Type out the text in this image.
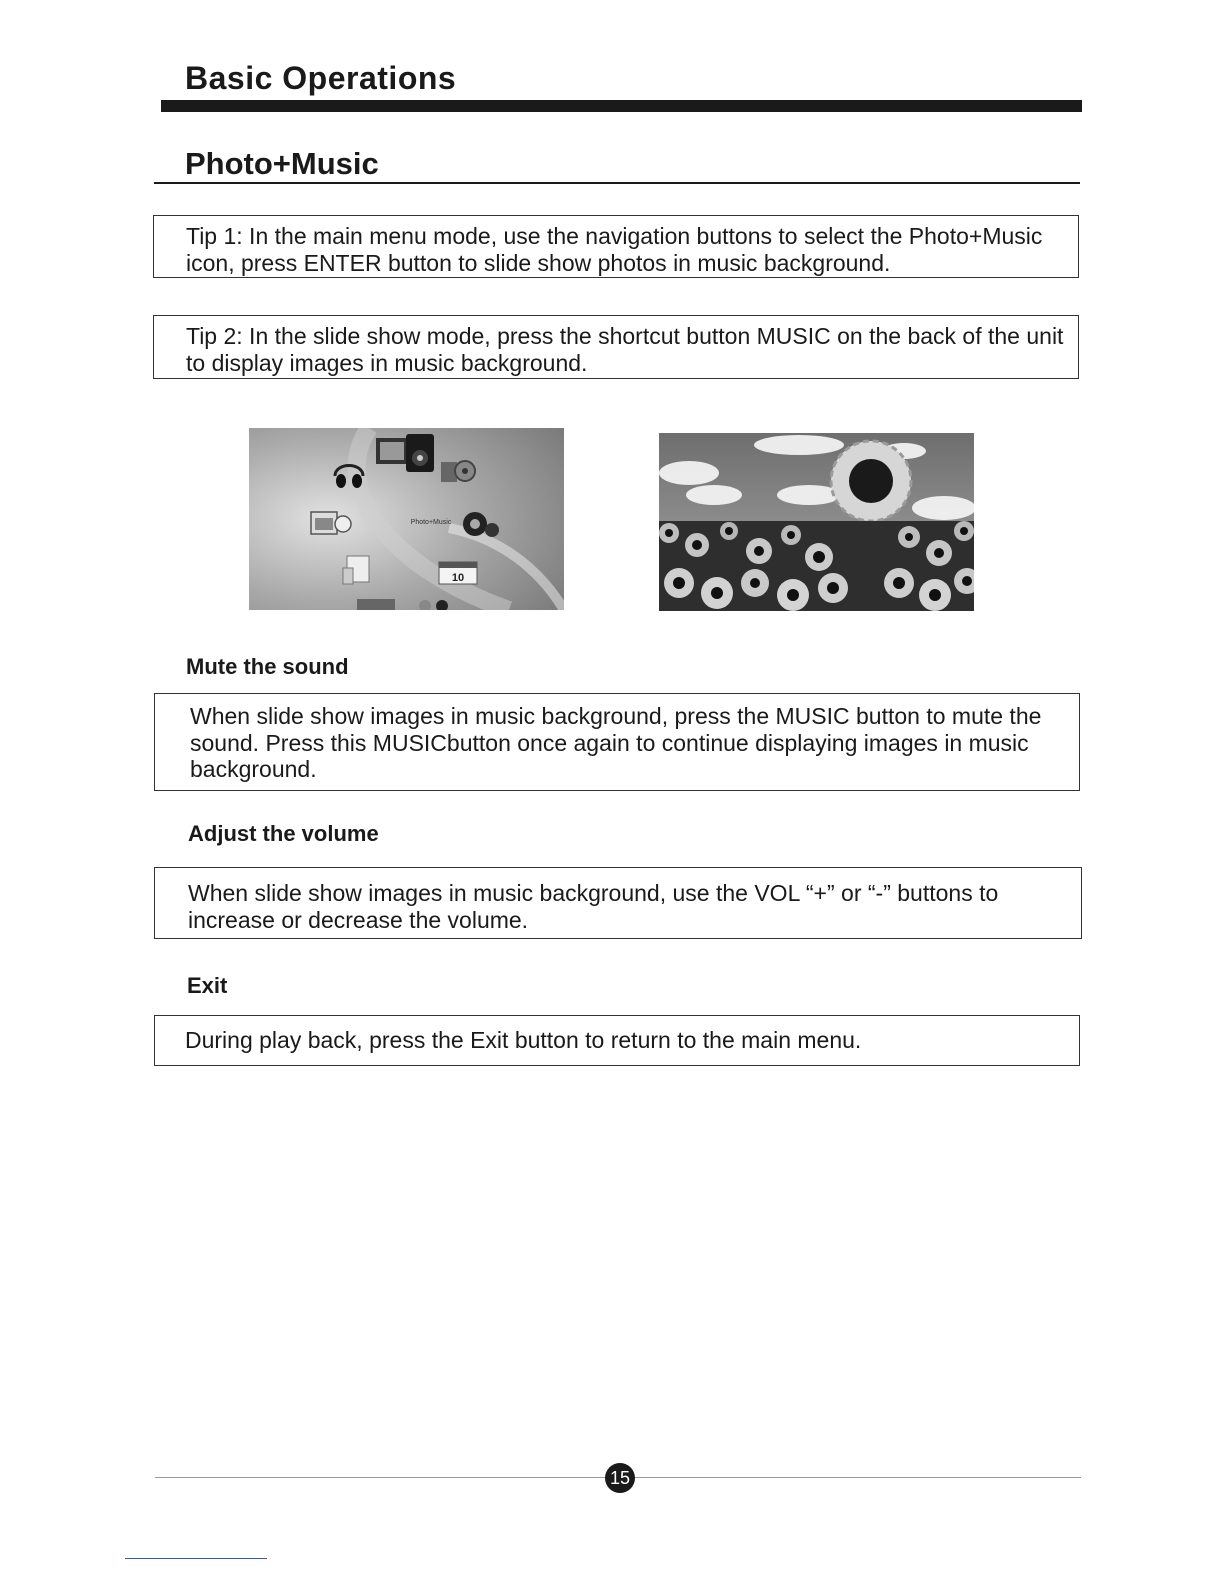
Basic Operations
Photo+Music

Tip 1: In the main menu mode, use the navigation buttons to select the Photo+Music icon, press ENTER button to slide show photos in music background.

Tip 2: In the slide show mode, press the shortcut button MUSIC on the back of the unit to display images in music background.

Photo+Music
10
Mute the sound

When slide show images in music background, press the MUSIC button to mute the sound. Press this MUSICbutton once again to continue displaying images in music background.

Adjust the volume

When slide show images in music background, use the VOL “+” or “-” buttons to increase or decrease the volume.

Exit

During play back, press the Exit button to return to the main menu.

15
